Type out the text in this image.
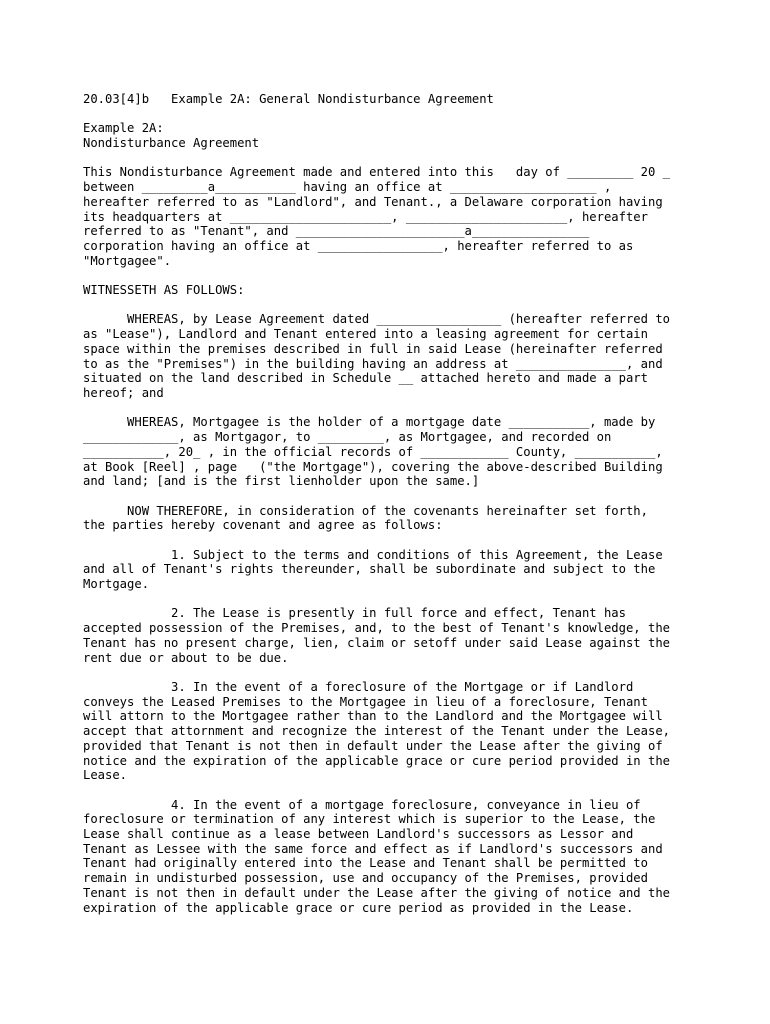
20.03[4]b   Example 2A: General Nondisturbance Agreement
Example 2A:
Nondisturbance Agreement
This Nondisturbance Agreement made and entered into this   day of _________ 20 _
between _________a___________ having an office at ____________________ ,
hereafter referred to as "Landlord", and Tenant., a Delaware corporation having
its headquarters at ______________________, ______________________, hereafter
referred to as "Tenant", and _______________________a________________
corporation having an office at _________________, hereafter referred to as
"Mortgagee".
WITNESSETH AS FOLLOWS:
WHEREAS, by Lease Agreement dated _________________ (hereafter referred to
as "Lease"), Landlord and Tenant entered into a leasing agreement for certain
space within the premises described in full in said Lease (hereinafter referred
to as the "Premises") in the building having an address at _______________, and
situated on the land described in Schedule __ attached hereto and made a part
hereof; and
WHEREAS, Mortgagee is the holder of a mortgage date ___________, made by
_____________, as Mortgagor, to _________, as Mortgagee, and recorded on
___________, 20_ , in the official records of ____________ County, ___________,
at Book [Reel] , page   ("the Mortgage"), covering the above-described Building
and land; [and is the first lienholder upon the same.]
NOW THEREFORE, in consideration of the covenants hereinafter set forth,
the parties hereby covenant and agree as follows:
1. Subject to the terms and conditions of this Agreement, the Lease
and all of Tenant's rights thereunder, shall be subordinate and subject to the
Mortgage.
2. The Lease is presently in full force and effect, Tenant has
accepted possession of the Premises, and, to the best of Tenant's knowledge, the
Tenant has no present charge, lien, claim or setoff under said Lease against the
rent due or about to be due.
3. In the event of a foreclosure of the Mortgage or if Landlord
conveys the Leased Premises to the Mortgagee in lieu of a foreclosure, Tenant
will attorn to the Mortgagee rather than to the Landlord and the Mortgagee will
accept that attornment and recognize the interest of the Tenant under the Lease,
provided that Tenant is not then in default under the Lease after the giving of
notice and the expiration of the applicable grace or cure period provided in the
Lease.
4. In the event of a mortgage foreclosure, conveyance in lieu of
foreclosure or termination of any interest which is superior to the Lease, the
Lease shall continue as a lease between Landlord's successors as Lessor and
Tenant as Lessee with the same force and effect as if Landlord's successors and
Tenant had originally entered into the Lease and Tenant shall be permitted to
remain in undisturbed possession, use and occupancy of the Premises, provided
Tenant is not then in default under the Lease after the giving of notice and the
expiration of the applicable grace or cure period as provided in the Lease.
